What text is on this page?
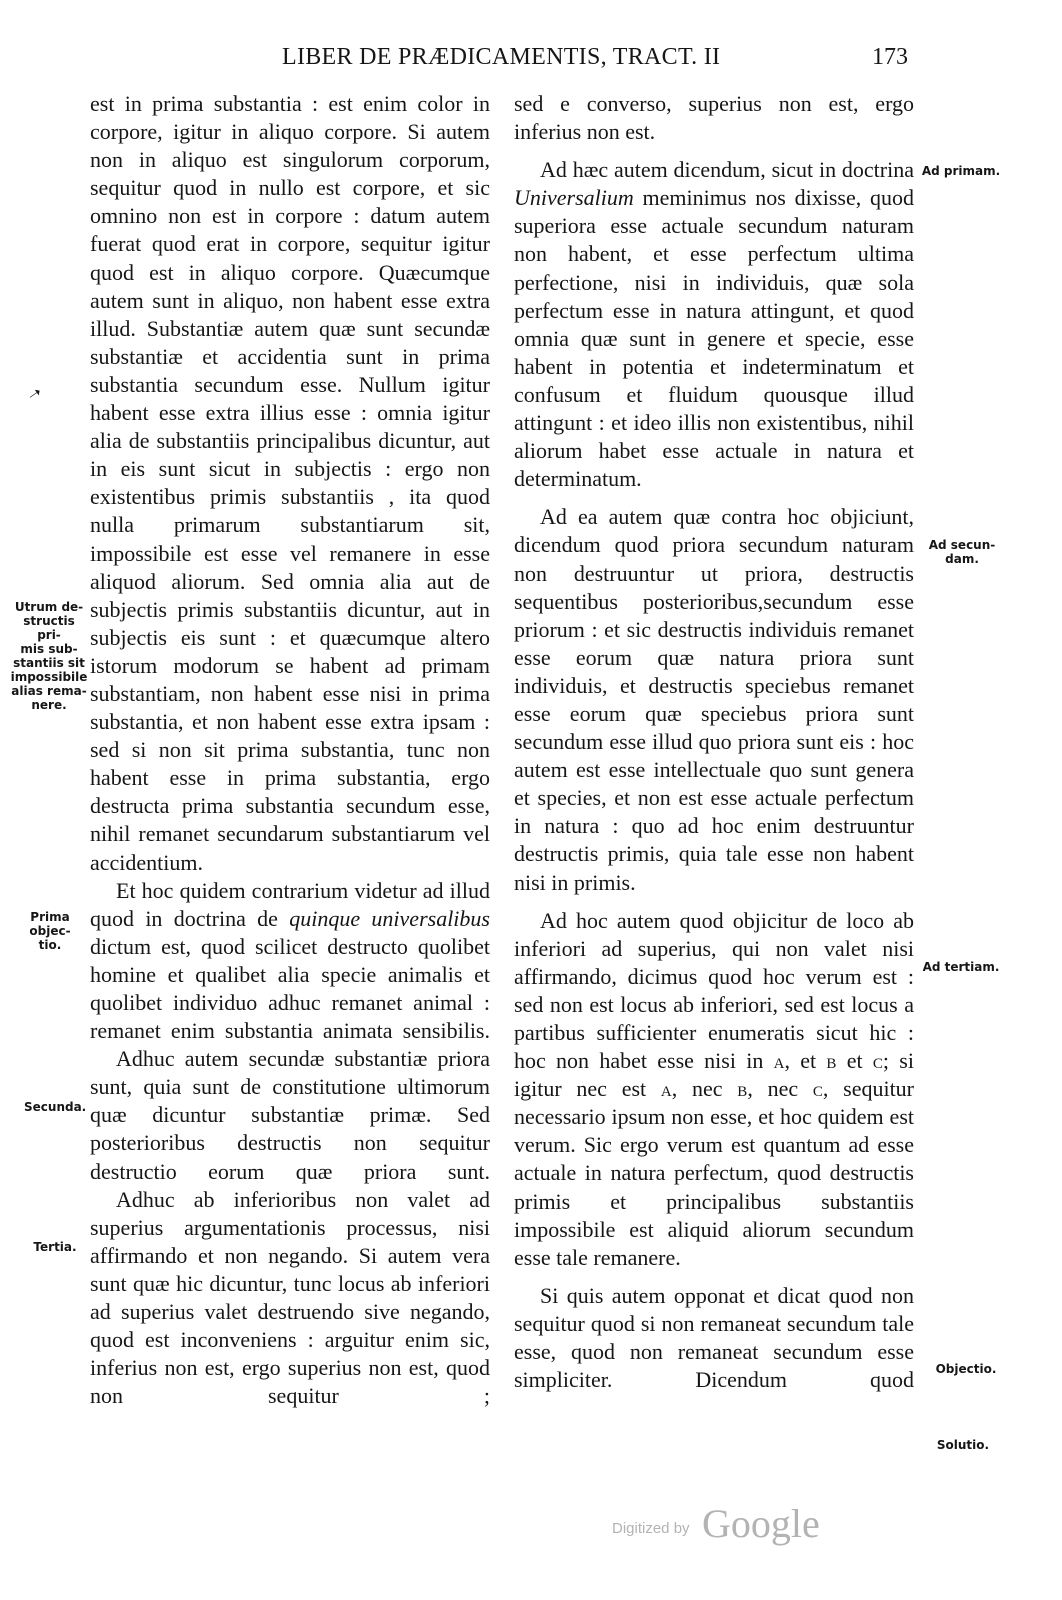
LIBER DE PRÆDICAMENTIS, TRACT. II	173
➝
Utrum de-
structis pri-
mis sub-
stantiis sit
impossibile
alias rema-
nere.
Prima objec-
tio.
Secunda.
Tertia.
Ad primam.
Ad secun-
dam.
Ad tertiam.
Objectio.
Solutio.

est in prima substantia : est enim color in corpore, igitur in aliquo corpore. Si autem non in aliquo est singulorum corporum, sequitur quod in nullo est corpore, et sic omnino non est in corpore : datum autem fuerat quod erat in corpore, sequitur igitur quod est in aliquo corpore. Quæcumque autem sunt in aliquo, non habent esse extra illud. Substantiæ autem quæ sunt secundæ substantiæ et accidentia sunt in prima substantia secundum esse. Nullum igitur habent esse extra illius esse : omnia igitur alia de substantiis principalibus dicuntur, aut in eis sunt sicut in subjectis : ergo non existentibus primis substantiis , ita quod nulla primarum substantiarum sit, impossibile est esse vel remanere in esse aliquod aliorum. Sed omnia alia aut de subjectis primis substantiis dicuntur, aut in subjectis eis sunt : et quæcumque altero istorum modorum se habent ad primam substantiam, non habent esse nisi in prima substantia, et non habent esse extra ipsam : sed si non sit prima substantia, tunc non habent esse in prima substantia, ergo destructa prima substantia secundum esse, nihil remanet secundarum substantiarum vel accidentium.

Et hoc quidem contrarium videtur ad illud quod in doctrina de quinque universalibus dictum est, quod scilicet destructo quolibet homine et qualibet alia specie animalis et quolibet individuo adhuc remanet animal : remanet enim substantia animata sensibilis.

Adhuc autem secundæ substantiæ priora sunt, quia sunt de constitutione ultimorum quæ dicuntur substantiæ primæ. Sed posterioribus destructis non sequitur destructio eorum quæ priora sunt.

Adhuc ab inferioribus non valet ad superius argumentationis processus, nisi affirmando et non negando. Si autem vera sunt quæ hic dicuntur, tunc locus ab inferiori ad superius valet destruendo sive negando, quod est inconveniens : arguitur enim sic, inferius non est, ergo superius non est, quod non sequitur ;

sed e converso, superius non est, ergo inferius non est.

Ad hæc autem dicendum, sicut in doctrina Universalium meminimus nos dixisse, quod superiora esse actuale secundum naturam non habent, et esse perfectum ultima perfectione, nisi in individuis, quæ sola perfectum esse in natura attingunt, et quod omnia quæ sunt in genere et specie, esse habent in potentia et indeterminatum et confusum et fluidum quousque illud attingunt : et ideo illis non existentibus, nihil aliorum habet esse actuale in natura et determinatum.

Ad ea autem quæ contra hoc objiciunt, dicendum quod priora secundum naturam non destruuntur ut priora, destructis sequentibus posterioribus,secundum esse priorum : et sic destructis individuis remanet esse eorum quæ natura priora sunt individuis, et destructis speciebus remanet esse eorum quæ speciebus priora sunt secundum esse illud quo priora sunt eis : hoc autem est esse intellectuale quo sunt genera et species, et non est esse actuale perfectum in natura : quo ad hoc enim destruuntur destructis primis, quia tale esse non habent nisi in primis.

Ad hoc autem quod objicitur de loco ab inferiori ad superius, qui non valet nisi affirmando, dicimus quod hoc verum est : sed non est locus ab inferiori, sed est locus a partibus sufficienter enumeratis sicut hic : hoc non habet esse nisi in a, et b et c; si igitur nec est a, nec b, nec c, sequitur necessario ipsum non esse, et hoc quidem est verum. Sic ergo verum est quantum ad esse actuale in natura perfectum, quod destructis primis et principalibus substantiis impossibile est aliquid aliorum secundum esse tale remanere.

Si quis autem opponat et dicat quod non sequitur quod si non remaneat secundum tale esse, quod non remaneat secundum esse simpliciter. Dicendum quod

Digitized by Google
